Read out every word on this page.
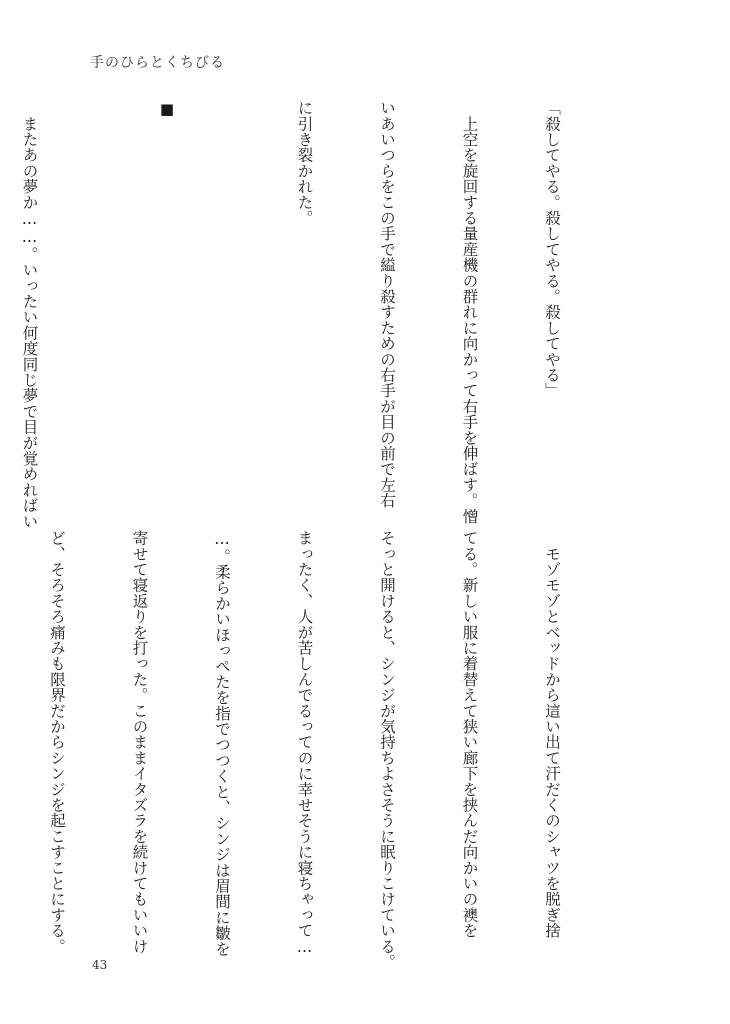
手のひらとくちびる

「殺してやる。殺してやる。殺してやる」

　上空を旋回する量産機の群れに向かって右手を伸ばす。憎

いあいつらをこの手で縊り殺すための右手が目の前で左右

に引き裂かれた。

■

　またあの夢か……。いったい何度同じ夢で目が覚めればい

　モゾモゾとベッドから這い出て汗だくのシャツを脱ぎ捨

てる。新しい服に着替えて狭い廊下を挟んだ向かいの襖を

そっと開けると、シンジが気持ちよさそうに眠りこけている。

まったく、人が苦しんでるってのに幸せそうに寝ちゃって…

…。柔らかいほっぺたを指でつつくと、シンジは眉間に皺を

寄せて寝返りを打った。このままイタズラを続けてもいいけ

ど、そろそろ痛みも限界だからシンジを起こすことにする。

43
